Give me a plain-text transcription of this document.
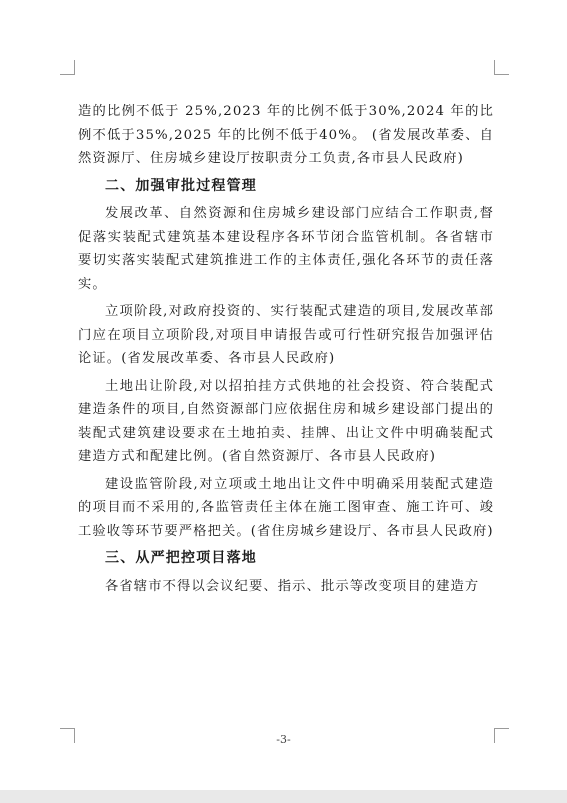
造的比例不低于 25%,2023 年的比例不低于30%,2024 年的比例不低于35%,2025 年的比例不低于40%。 (省发展改革委、自然资源厅、住房城乡建设厅按职责分工负责,各市县人民政府)

二、加强审批过程管理

发展改革、自然资源和住房城乡建设部门应结合工作职责,督促落实装配式建筑基本建设程序各环节闭合监管机制。各省辖市要切实落实装配式建筑推进工作的主体责任,强化各环节的责任落实。

立项阶段,对政府投资的、实行装配式建造的项目,发展改革部门应在项目立项阶段,对项目申请报告或可行性研究报告加强评估论证。(省发展改革委、各市县人民政府)

土地出让阶段,对以招拍挂方式供地的社会投资、符合装配式建造条件的项目,自然资源部门应依据住房和城乡建设部门提出的装配式建筑建设要求在土地拍卖、挂牌、出让文件中明确装配式建造方式和配建比例。(省自然资源厅、各市县人民政府)

建设监管阶段,对立项或土地出让文件中明确采用装配式建造的项目而不采用的,各监管责任主体在施工图审查、施工许可、竣工验收等环节要严格把关。(省住房城乡建设厅、各市县人民政府)

三、从严把控项目落地

各省辖市不得以会议纪要、指示、批示等改变项目的建造方

-3-
